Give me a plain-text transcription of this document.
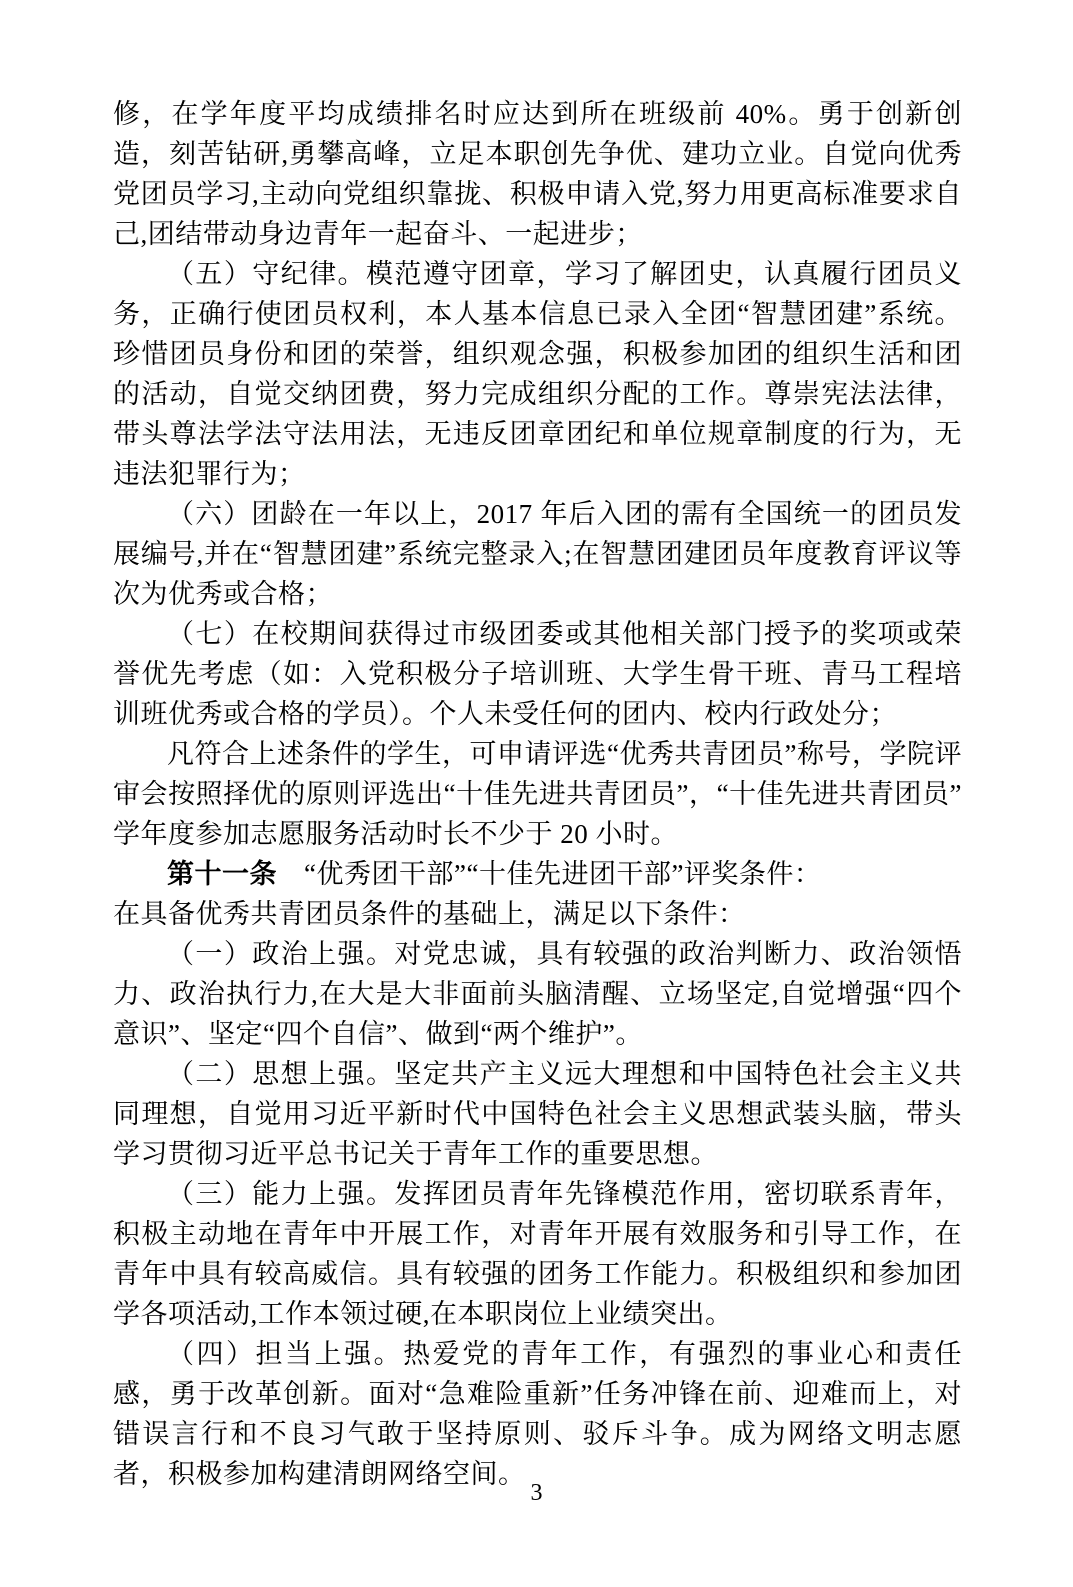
修，在学年度平均成绩排名时应达到所在班级前 40%。勇于创新创造，刻苦钻研,勇攀高峰，立足本职创先争优、建功立业。自觉向优秀党团员学习,主动向党组织靠拢、积极申请入党,努力用更高标准要求自己,团结带动身边青年一起奋斗、一起进步；

（五）守纪律。模范遵守团章，学习了解团史，认真履行团员义务，正确行使团员权利，本人基本信息已录入全团“智慧团建”系统。珍惜团员身份和团的荣誉，组织观念强，积极参加团的组织生活和团的活动，自觉交纳团费，努力完成组织分配的工作。尊崇宪法法律，带头尊法学法守法用法，无违反团章团纪和单位规章制度的行为，无违法犯罪行为；

（六）团龄在一年以上，2017 年后入团的需有全国统一的团员发展编号,并在“智慧团建”系统完整录入;在智慧团建团员年度教育评议等次为优秀或合格；

（七）在校期间获得过市级团委或其他相关部门授予的奖项或荣誉优先考虑（如：入党积极分子培训班、大学生骨干班、青马工程培训班优秀或合格的学员）。个人未受任何的团内、校内行政处分；

凡符合上述条件的学生，可申请评选“优秀共青团员”称号，学院评审会按照择优的原则评选出“十佳先进共青团员”，“十佳先进共青团员”学年度参加志愿服务活动时长不少于 20 小时。

第十一条 “优秀团干部”“十佳先进团干部”评奖条件：

在具备优秀共青团员条件的基础上，满足以下条件：

（一）政治上强。对党忠诚，具有较强的政治判断力、政治领悟力、政治执行力,在大是大非面前头脑清醒、立场坚定,自觉增强“四个意识”、坚定“四个自信”、做到“两个维护”。

（二）思想上强。坚定共产主义远大理想和中国特色社会主义共同理想，自觉用习近平新时代中国特色社会主义思想武装头脑，带头学习贯彻习近平总书记关于青年工作的重要思想。

（三）能力上强。发挥团员青年先锋模范作用，密切联系青年，积极主动地在青年中开展工作，对青年开展有效服务和引导工作，在青年中具有较高威信。具有较强的团务工作能力。积极组织和参加团学各项活动,工作本领过硬,在本职岗位上业绩突出。

（四）担当上强。热爱党的青年工作，有强烈的事业心和责任感，勇于改革创新。面对“急难险重新”任务冲锋在前、迎难而上，对错误言行和不良习气敢于坚持原则、驳斥斗争。成为网络文明志愿者，积极参加构建清朗网络空间。

3
